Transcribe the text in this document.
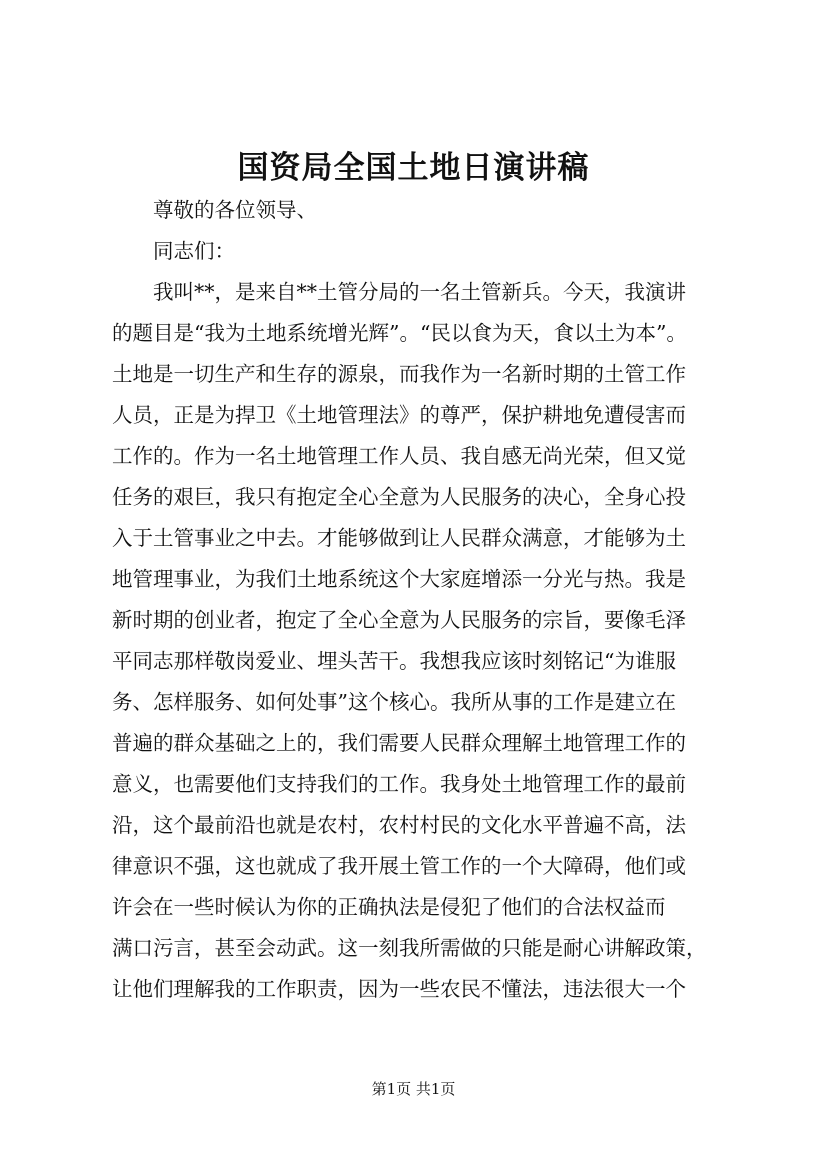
国资局全国土地日演讲稿
尊敬的各位领导、
同志们：
我叫**，是来自**土管分局的一名土管新兵。今天，我演讲
的题目是“我为土地系统增光辉”。“民以食为天，食以土为本”。
土地是一切生产和生存的源泉，而我作为一名新时期的土管工作
人员，正是为捍卫《土地管理法》的尊严，保护耕地免遭侵害而
工作的。作为一名土地管理工作人员、我自感无尚光荣，但又觉
任务的艰巨，我只有抱定全心全意为人民服务的决心，全身心投
入于土管事业之中去。才能够做到让人民群众满意，才能够为土
地管理事业，为我们土地系统这个大家庭增添一分光与热。我是
新时期的创业者，抱定了全心全意为人民服务的宗旨，要像毛泽
平同志那样敬岗爱业、埋头苦干。我想我应该时刻铭记“为谁服
务、怎样服务、如何处事”这个核心。我所从事的工作是建立在
普遍的群众基础之上的，我们需要人民群众理解土地管理工作的
意义，也需要他们支持我们的工作。我身处土地管理工作的最前
沿，这个最前沿也就是农村，农村村民的文化水平普遍不高，法
律意识不强，这也就成了我开展土管工作的一个大障碍，他们或
许会在一些时候认为你的正确执法是侵犯了他们的合法权益而
满口污言，甚至会动武。这一刻我所需做的只能是耐心讲解政策，
让他们理解我的工作职责，因为一些农民不懂法，违法很大一个
第1页 共1页
